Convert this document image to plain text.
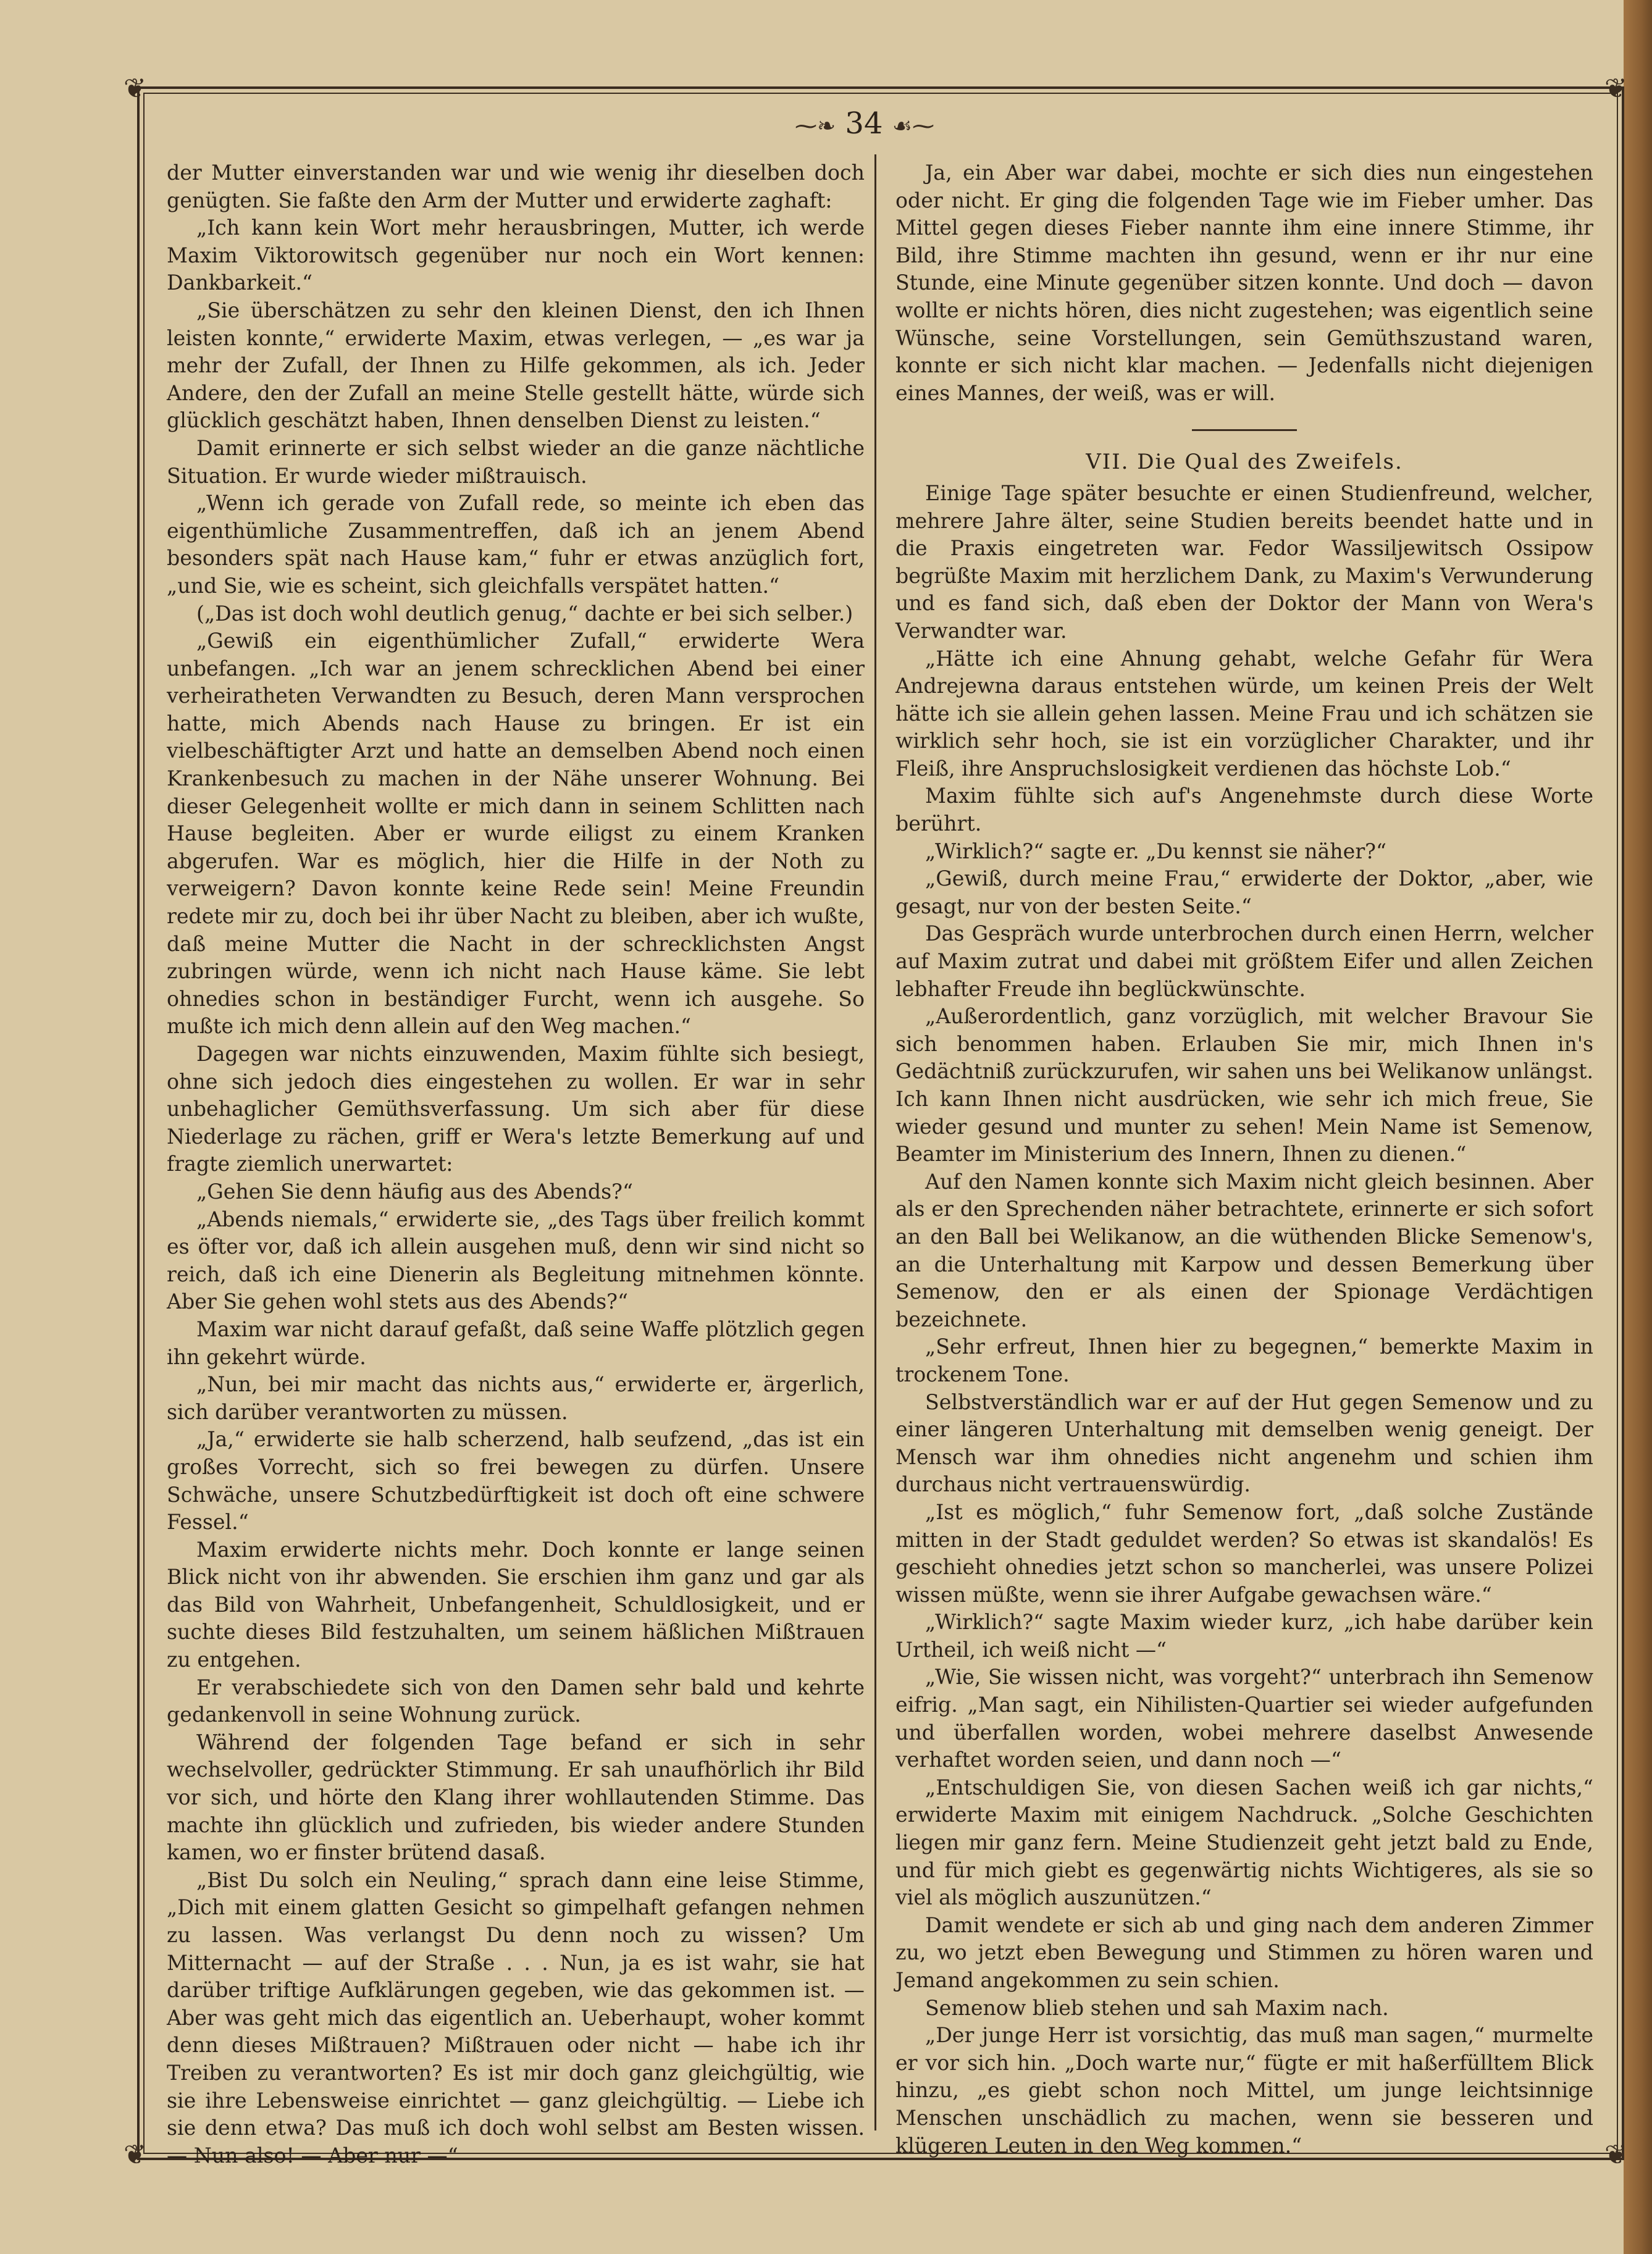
❦	❦
❦	❦
⁓❧ 34 ☙⁓

der Mutter einverstanden war und wie wenig ihr dieselben doch genügten. Sie faßte den Arm der Mutter und erwiderte zaghaft:

„Ich kann kein Wort mehr herausbringen, Mutter, ich werde Maxim Viktorowitsch gegenüber nur noch ein Wort kennen: Dankbarkeit.“

„Sie überschätzen zu sehr den kleinen Dienst, den ich Ihnen leisten konnte,“ erwiderte Maxim, etwas verlegen, — „es war ja mehr der Zufall, der Ihnen zu Hilfe gekommen, als ich. Jeder Andere, den der Zufall an meine Stelle gestellt hätte, würde sich glücklich geschätzt haben, Ihnen denselben Dienst zu leisten.“

Damit erinnerte er sich selbst wieder an die ganze nächtliche Situation. Er wurde wieder mißtrauisch.

„Wenn ich gerade von Zufall rede, so meinte ich eben das eigenthümliche Zusammentreffen, daß ich an jenem Abend besonders spät nach Hause kam,“ fuhr er etwas anzüglich fort, „und Sie, wie es scheint, sich gleichfalls verspätet hatten.“

(„Das ist doch wohl deutlich genug,“ dachte er bei sich selber.)

„Gewiß ein eigenthümlicher Zufall,“ erwiderte Wera unbefangen. „Ich war an jenem schrecklichen Abend bei einer verheiratheten Verwandten zu Besuch, deren Mann versprochen hatte, mich Abends nach Hause zu bringen. Er ist ein vielbeschäftigter Arzt und hatte an demselben Abend noch einen Krankenbesuch zu machen in der Nähe unserer Wohnung. Bei dieser Gelegenheit wollte er mich dann in seinem Schlitten nach Hause begleiten. Aber er wurde eiligst zu einem Kranken abgerufen. War es möglich, hier die Hilfe in der Noth zu verweigern? Davon konnte keine Rede sein! Meine Freundin redete mir zu, doch bei ihr über Nacht zu bleiben, aber ich wußte, daß meine Mutter die Nacht in der schrecklichsten Angst zubringen würde, wenn ich nicht nach Hause käme. Sie lebt ohnedies schon in beständiger Furcht, wenn ich ausgehe. So mußte ich mich denn allein auf den Weg machen.“

Dagegen war nichts einzuwenden, Maxim fühlte sich besiegt, ohne sich jedoch dies eingestehen zu wollen. Er war in sehr unbehaglicher Gemüthsverfassung. Um sich aber für diese Niederlage zu rächen, griff er Wera's letzte Bemerkung auf und fragte ziemlich unerwartet:

„Gehen Sie denn häufig aus des Abends?“

„Abends niemals,“ erwiderte sie, „des Tags über freilich kommt es öfter vor, daß ich allein ausgehen muß, denn wir sind nicht so reich, daß ich eine Dienerin als Begleitung mitnehmen könnte. Aber Sie gehen wohl stets aus des Abends?“

Maxim war nicht darauf gefaßt, daß seine Waffe plötzlich gegen ihn gekehrt würde.

„Nun, bei mir macht das nichts aus,“ erwiderte er, ärgerlich, sich darüber verantworten zu müssen.

„Ja,“ erwiderte sie halb scherzend, halb seufzend, „das ist ein großes Vorrecht, sich so frei bewegen zu dürfen. Unsere Schwäche, unsere Schutzbedürftigkeit ist doch oft eine schwere Fessel.“

Maxim erwiderte nichts mehr. Doch konnte er lange seinen Blick nicht von ihr abwenden. Sie erschien ihm ganz und gar als das Bild von Wahrheit, Unbefangenheit, Schuldlosigkeit, und er suchte dieses Bild festzuhalten, um seinem häßlichen Mißtrauen zu entgehen.

Er verabschiedete sich von den Damen sehr bald und kehrte gedankenvoll in seine Wohnung zurück.

Während der folgenden Tage befand er sich in sehr wechselvoller, gedrückter Stimmung. Er sah unaufhörlich ihr Bild vor sich, und hörte den Klang ihrer wohllautenden Stimme. Das machte ihn glücklich und zufrieden, bis wieder andere Stunden kamen, wo er finster brütend dasaß.

„Bist Du solch ein Neuling,“ sprach dann eine leise Stimme, „Dich mit einem glatten Gesicht so gimpelhaft gefangen nehmen zu lassen. Was verlangst Du denn noch zu wissen? Um Mitternacht — auf der Straße . . . Nun, ja es ist wahr, sie hat darüber triftige Aufklärungen gegeben, wie das gekommen ist. — Aber was geht mich das eigentlich an. Ueberhaupt, woher kommt denn dieses Mißtrauen? Mißtrauen oder nicht — habe ich ihr Treiben zu verantworten? Es ist mir doch ganz gleichgültig, wie sie ihre Lebensweise einrichtet — ganz gleichgültig. — Liebe ich sie denn etwa? Das muß ich doch wohl selbst am Besten wissen. — Nun also! — Aber nur —“

Ja, ein Aber war dabei, mochte er sich dies nun eingestehen oder nicht. Er ging die folgenden Tage wie im Fieber umher. Das Mittel gegen dieses Fieber nannte ihm eine innere Stimme, ihr Bild, ihre Stimme machten ihn gesund, wenn er ihr nur eine Stunde, eine Minute gegenüber sitzen konnte. Und doch — davon wollte er nichts hören, dies nicht zugestehen; was eigentlich seine Wünsche, seine Vorstellungen, sein Gemüthszustand waren, konnte er sich nicht klar machen. — Jedenfalls nicht diejenigen eines Mannes, der weiß, was er will.

VII. Die Qual des Zweifels.

Einige Tage später besuchte er einen Studienfreund, welcher, mehrere Jahre älter, seine Studien bereits beendet hatte und in die Praxis eingetreten war. Fedor Wassiljewitsch Ossipow begrüßte Maxim mit herzlichem Dank, zu Maxim's Verwunderung und es fand sich, daß eben der Doktor der Mann von Wera's Verwandter war.

„Hätte ich eine Ahnung gehabt, welche Gefahr für Wera Andrejewna daraus entstehen würde, um keinen Preis der Welt hätte ich sie allein gehen lassen. Meine Frau und ich schätzen sie wirklich sehr hoch, sie ist ein vorzüglicher Charakter, und ihr Fleiß, ihre Anspruchslosigkeit verdienen das höchste Lob.“

Maxim fühlte sich auf's Angenehmste durch diese Worte berührt.

„Wirklich?“ sagte er. „Du kennst sie näher?“

„Gewiß, durch meine Frau,“ erwiderte der Doktor, „aber, wie gesagt, nur von der besten Seite.“

Das Gespräch wurde unterbrochen durch einen Herrn, welcher auf Maxim zutrat und dabei mit größtem Eifer und allen Zeichen lebhafter Freude ihn beglückwünschte.

„Außerordentlich, ganz vorzüglich, mit welcher Bravour Sie sich benommen haben. Erlauben Sie mir, mich Ihnen in's Gedächtniß zurückzurufen, wir sahen uns bei Welikanow unlängst. Ich kann Ihnen nicht ausdrücken, wie sehr ich mich freue, Sie wieder gesund und munter zu sehen! Mein Name ist Semenow, Beamter im Ministerium des Innern, Ihnen zu dienen.“

Auf den Namen konnte sich Maxim nicht gleich besinnen. Aber als er den Sprechenden näher betrachtete, erinnerte er sich sofort an den Ball bei Welikanow, an die wüthenden Blicke Semenow's, an die Unterhaltung mit Karpow und dessen Bemerkung über Semenow, den er als einen der Spionage Verdächtigen bezeichnete.

„Sehr erfreut, Ihnen hier zu begegnen,“ bemerkte Maxim in trockenem Tone.

Selbstverständlich war er auf der Hut gegen Semenow und zu einer längeren Unterhaltung mit demselben wenig geneigt. Der Mensch war ihm ohnedies nicht angenehm und schien ihm durchaus nicht vertrauenswürdig.

„Ist es möglich,“ fuhr Semenow fort, „daß solche Zustände mitten in der Stadt geduldet werden? So etwas ist skandalös! Es geschieht ohnedies jetzt schon so mancherlei, was unsere Polizei wissen müßte, wenn sie ihrer Aufgabe gewachsen wäre.“

„Wirklich?“ sagte Maxim wieder kurz, „ich habe darüber kein Urtheil, ich weiß nicht —“

„Wie, Sie wissen nicht, was vorgeht?“ unterbrach ihn Semenow eifrig. „Man sagt, ein Nihilisten-Quartier sei wieder aufgefunden und überfallen worden, wobei mehrere daselbst Anwesende verhaftet worden seien, und dann noch —“

„Entschuldigen Sie, von diesen Sachen weiß ich gar nichts,“ erwiderte Maxim mit einigem Nachdruck. „Solche Geschichten liegen mir ganz fern. Meine Studienzeit geht jetzt bald zu Ende, und für mich giebt es gegenwärtig nichts Wichtigeres, als sie so viel als möglich auszunützen.“

Damit wendete er sich ab und ging nach dem anderen Zimmer zu, wo jetzt eben Bewegung und Stimmen zu hören waren und Jemand angekommen zu sein schien.

Semenow blieb stehen und sah Maxim nach.

„Der junge Herr ist vorsichtig, das muß man sagen,“ murmelte er vor sich hin. „Doch warte nur,“ fügte er mit haßerfülltem Blick hinzu, „es giebt schon noch Mittel, um junge leichtsinnige Menschen unschädlich zu machen, wenn sie besseren und klügeren Leuten in den Weg kommen.“
